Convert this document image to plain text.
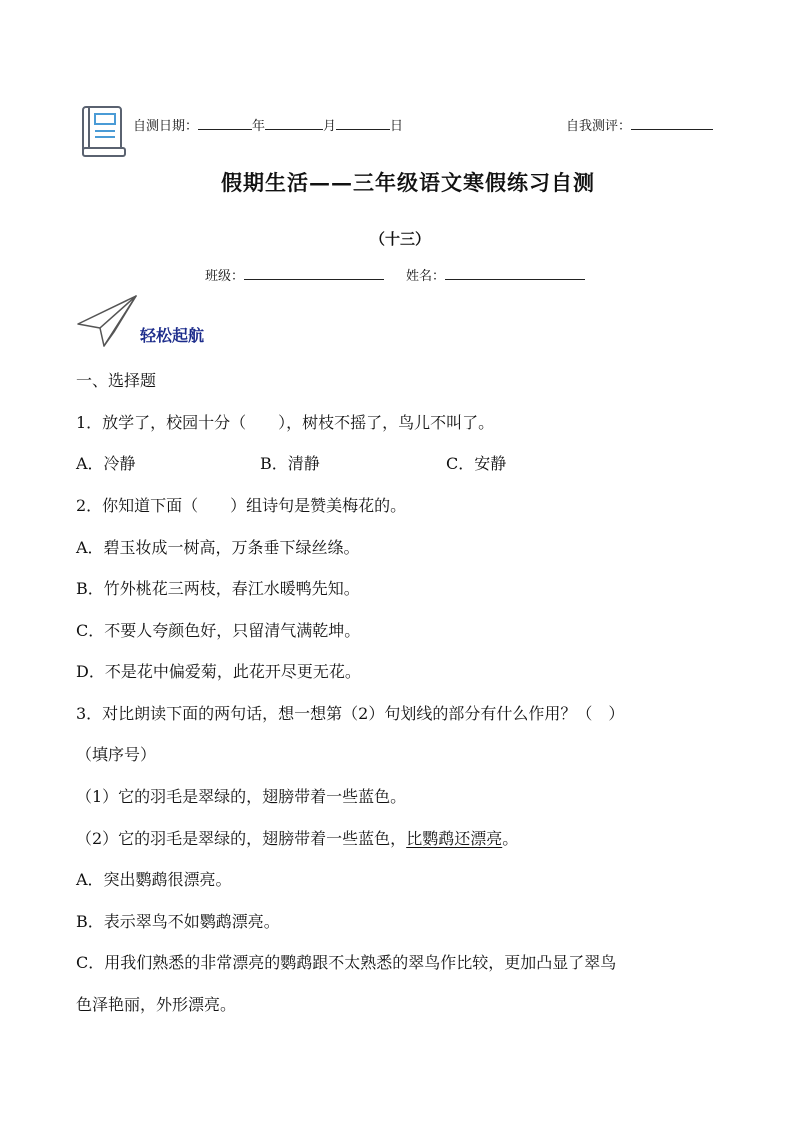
自测日期：	年	月	日	自我测评：
假期生活——三年级语文寒假练习自测
（十三）
班级：	姓名：
轻松起航
一、选择题
1．放学了，校园十分（　　），树枝不摇了，鸟儿不叫了。
A．冷静	B．清静	C．安静
2．你知道下面（　　）组诗句是赞美梅花的。
A．碧玉妆成一树高，万条垂下绿丝绦。
B．竹外桃花三两枝，春江水暖鸭先知。
C．不要人夸颜色好，只留清气满乾坤。
D．不是花中偏爱菊，此花开尽更无花。
3．对比朗读下面的两句话，想一想第（2）句划线的部分有什么作用？（　）
（填序号）
（1）它的羽毛是翠绿的，翅膀带着一些蓝色。
（2）它的羽毛是翠绿的，翅膀带着一些蓝色，比鹦鹉还漂亮。
A．突出鹦鹉很漂亮。
B．表示翠鸟不如鹦鹉漂亮。
C．用我们熟悉的非常漂亮的鹦鹉跟不太熟悉的翠鸟作比较，更加凸显了翠鸟
色泽艳丽，外形漂亮。
